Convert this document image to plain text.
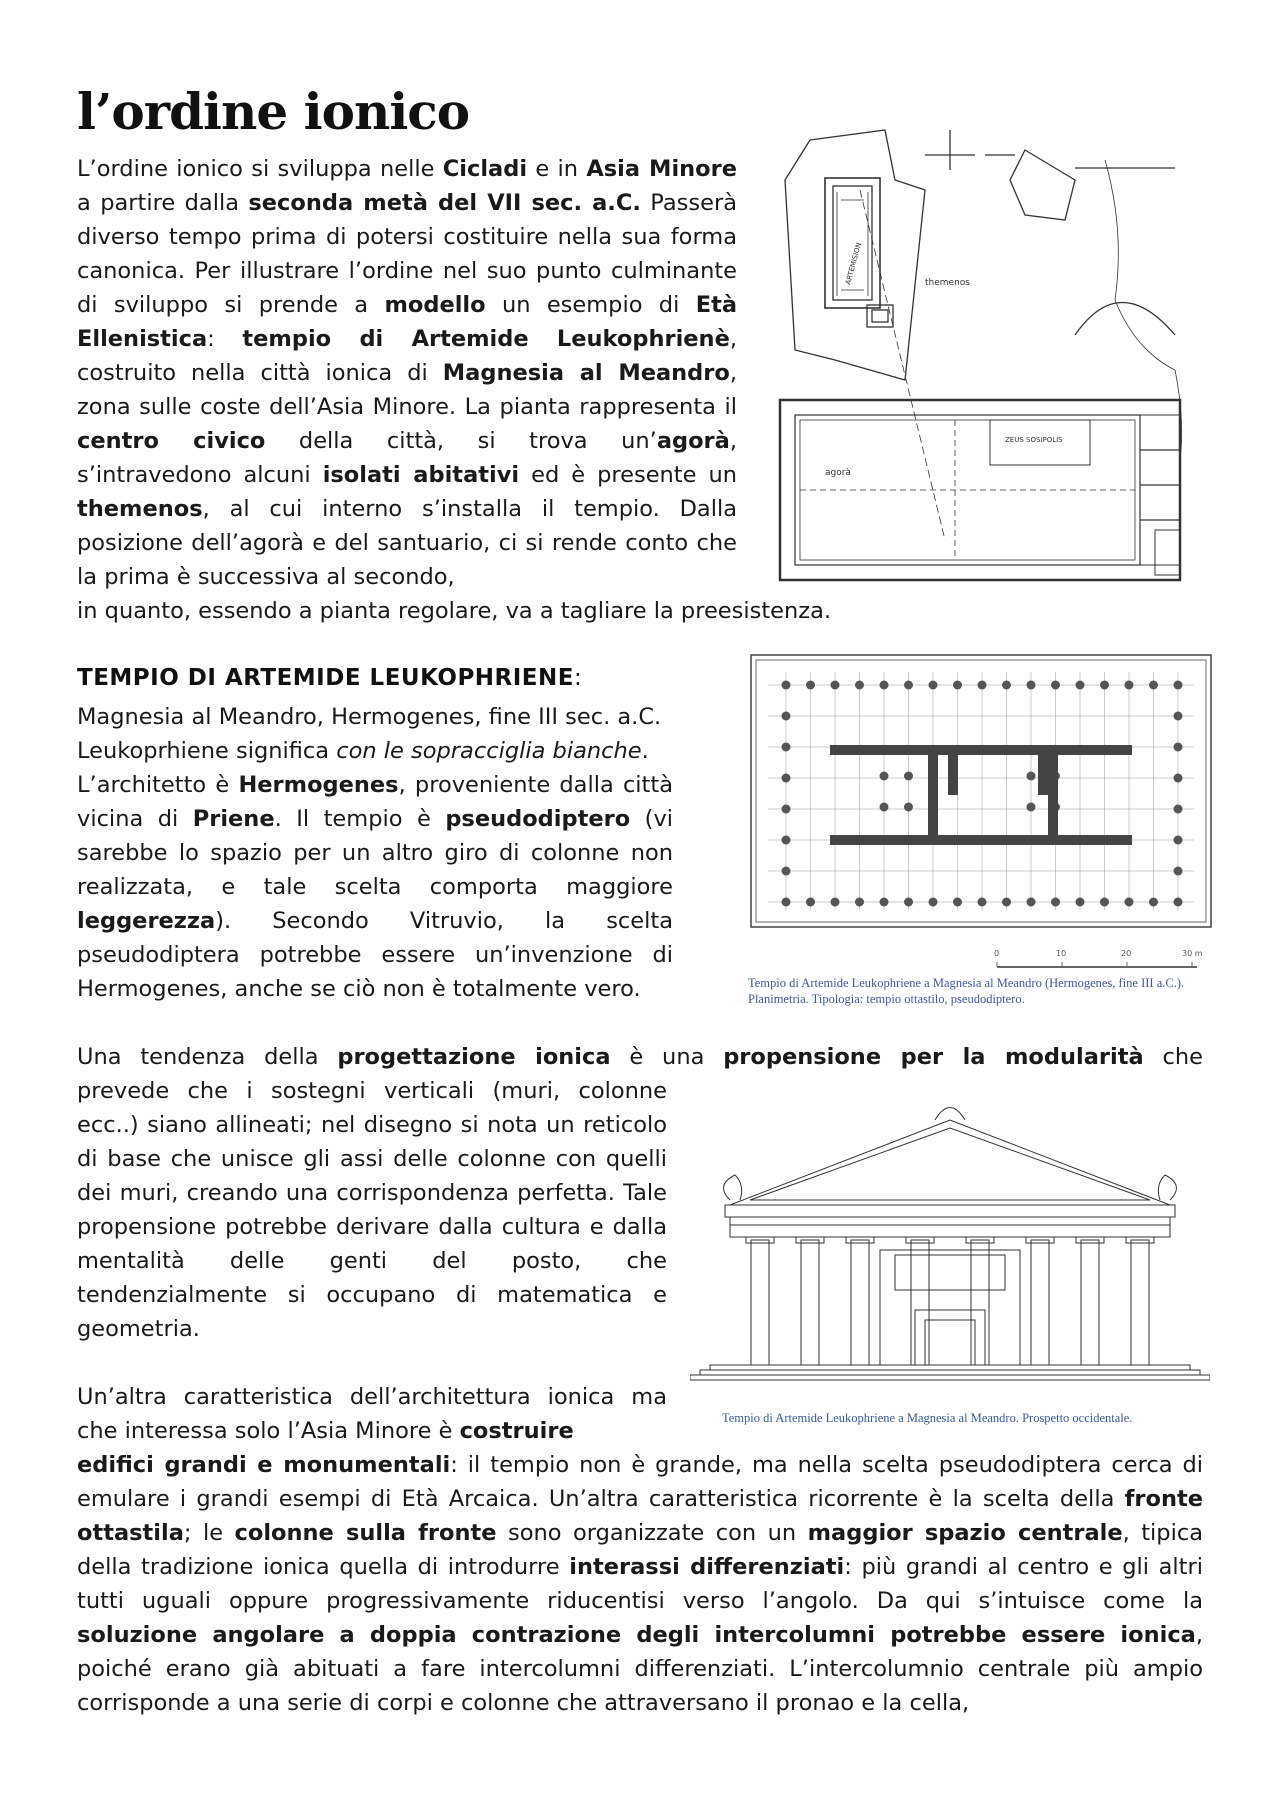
l’ordine ionico

L’ordine ionico si sviluppa nelle Cicladi e in Asia Minore a partire dalla seconda metà del VII sec. a.C. Passerà diverso tempo prima di potersi costituire nella sua forma canonica. Per illustrare l’ordine nel suo punto culminante di sviluppo si prende a modello un esempio di Età Ellenistica: tempio di Artemide Leukophrienè, costruito nella città ionica di Magnesia al Meandro, zona sulle coste dell’Asia Minore. La pianta rappresenta il centro civico della città, si trova un’agorà, s’intravedono alcuni isolati abitativi ed è presente un themenos, al cui interno s’installa il tempio. Dalla posizione dell’agorà e del santuario, ci si rende conto che la prima è successiva al secondo,
in quanto, essendo a pianta regolare, va a tagliare la preesistenza.

ARTEMISION	themenos
agorà
ZEUS SOSIPOLIS
TEMPIO DI ARTEMIDE LEUKOPHRIENE:

Magnesia al Meandro, Hermogenes, fine III sec. a.C.
Leukoprhiene significa con le sopracciglia bianche.
L’architetto è Hermogenes, proveniente dalla città vicina di Priene. Il tempio è pseudodiptero (vi sarebbe lo spazio per un altro giro di colonne non realizzata, e tale scelta comporta maggiore leggerezza). Secondo Vitruvio, la scelta pseudodiptera potrebbe essere un’invenzione di Hermogenes, anche se ciò non è totalmente vero.

0	10	20	30 m
Tempio di Artemide Leukophriene a Magnesia al Meandro (Hermogenes, fine III a.C.).
Planimetria. Tipologia: tempio ottastilo, pseudodiptero.

Una tendenza della progettazione ionica è una propensione per la modularità che

prevede che i sostegni verticali (muri, colonne ecc..) siano allineati; nel disegno si nota un reticolo di base che unisce gli assi delle colonne con quelli dei muri, creando una corrispondenza perfetta. Tale propensione potrebbe derivare dalla cultura e dalla mentalità delle genti del posto, che tendenzialmente si occupano di matematica e geometria.

Tempio di Artemide Leukophriene a Magnesia al Meandro. Prospetto occidentale.

Un’altra caratteristica dell’architettura ionica ma che interessa solo l’Asia Minore è costruire

edifici grandi e monumentali: il tempio non è grande, ma nella scelta pseudodiptera cerca di emulare i grandi esempi di Età Arcaica. Un’altra caratteristica ricorrente è la scelta della fronte ottastila; le colonne sulla fronte sono organizzate con un maggior spazio centrale, tipica della tradizione ionica quella di introdurre interassi differenziati: più grandi al centro e gli altri tutti uguali oppure progressivamente riducentisi verso l’angolo. Da qui s’intuisce come la soluzione angolare a doppia contrazione degli intercolumni potrebbe essere ionica, poiché erano già abituati a fare intercolumni differenziati. L’intercolumnio centrale più ampio corrisponde a una serie di corpi e colonne che attraversano il pronao e la cella,
